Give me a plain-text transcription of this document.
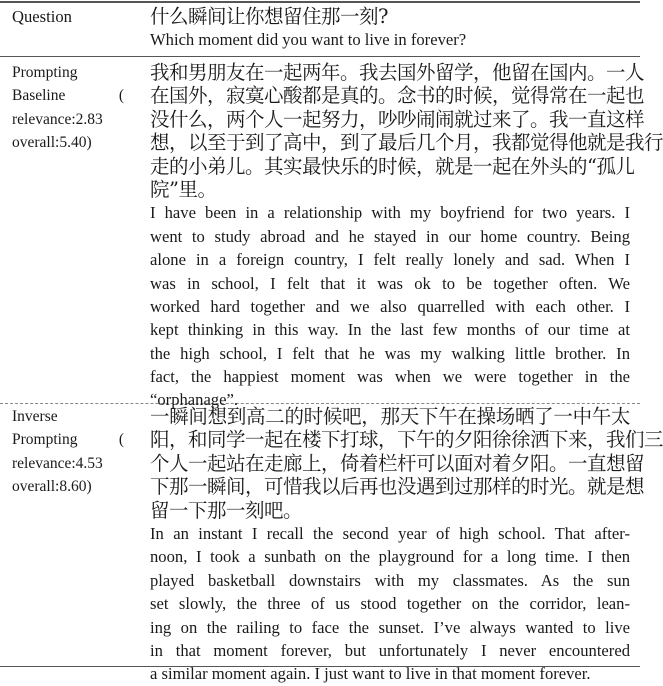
Question	什么瞬间让你想留住那一刻?
Which moment did you want to live in forever?
Prompting
Baseline (
relevance:2.83
overall:5.40)
我和男朋友在一起两年。我去国外留学，他留在国内。一人
在国外，寂寞心酸都是真的。念书的时候，觉得常在一起也
没什么，两个人一起努力，吵吵闹闹就过来了。我一直这样
想，以至于到了高中，到了最后几个月，我都觉得他就是我行
走的小弟儿。其实最快乐的时候，就是一起在外头的“孤儿
院”里。
I have been in a relationship with my boyfriend for two years. I
went to study abroad and he stayed in our home country. Being
alone in a foreign country, I felt really lonely and sad. When I
was in school, I felt that it was ok to be together often. We
worked hard together and we also quarrelled with each other. I
kept thinking in this way. In the last few months of our time at
the high school, I felt that he was my walking little brother. In
fact, the happiest moment was when we were together in the
“orphanage”.
Inverse
Prompting (
relevance:4.53
overall:8.60)
一瞬间想到高二的时候吧，那天下午在操场晒了一中午太
阳，和同学一起在楼下打球，下午的夕阳徐徐洒下来，我们三
个人一起站在走廊上，倚着栏杆可以面对着夕阳。一直想留
下那一瞬间，可惜我以后再也没遇到过那样的时光。就是想
留一下那一刻吧。
In an instant I recall the second year of high school. That after-
noon, I took a sunbath on the playground for a long time. I then
played basketball downstairs with my classmates. As the sun
set slowly, the three of us stood together on the corridor, lean-
ing on the railing to face the sunset. I’ve always wanted to live
in that moment forever, but unfortunately I never encountered
a similar moment again. I just want to live in that moment forever.
